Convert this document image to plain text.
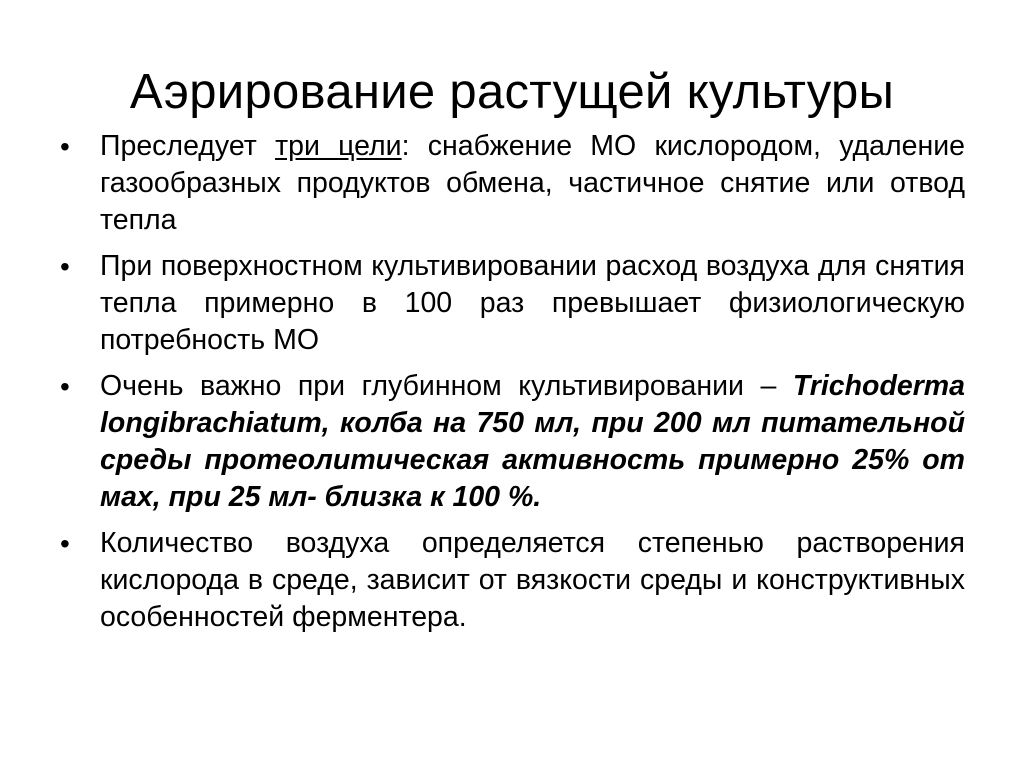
Аэрирование растущей культуры
•	Преследует три цели: снабжение МО кислородом, удаление газообразных продуктов обмена, частичное снятие или отвод тепла
•	При поверхностном культивировании расход воздуха для снятия тепла примерно в 100 раз превышает физиологическую потребность МО
•	Очень важно при глубинном культивировании – Trichoderma longibrachiatum, колба на 750 мл, при 200 мл питательной среды протеолитическая активность примерно 25% от мах, при 25 мл- близка к 100 %.
•	Количество воздуха определяется степенью растворения кислорода в среде, зависит от вязкости среды и конструктивных особенностей ферментера.
